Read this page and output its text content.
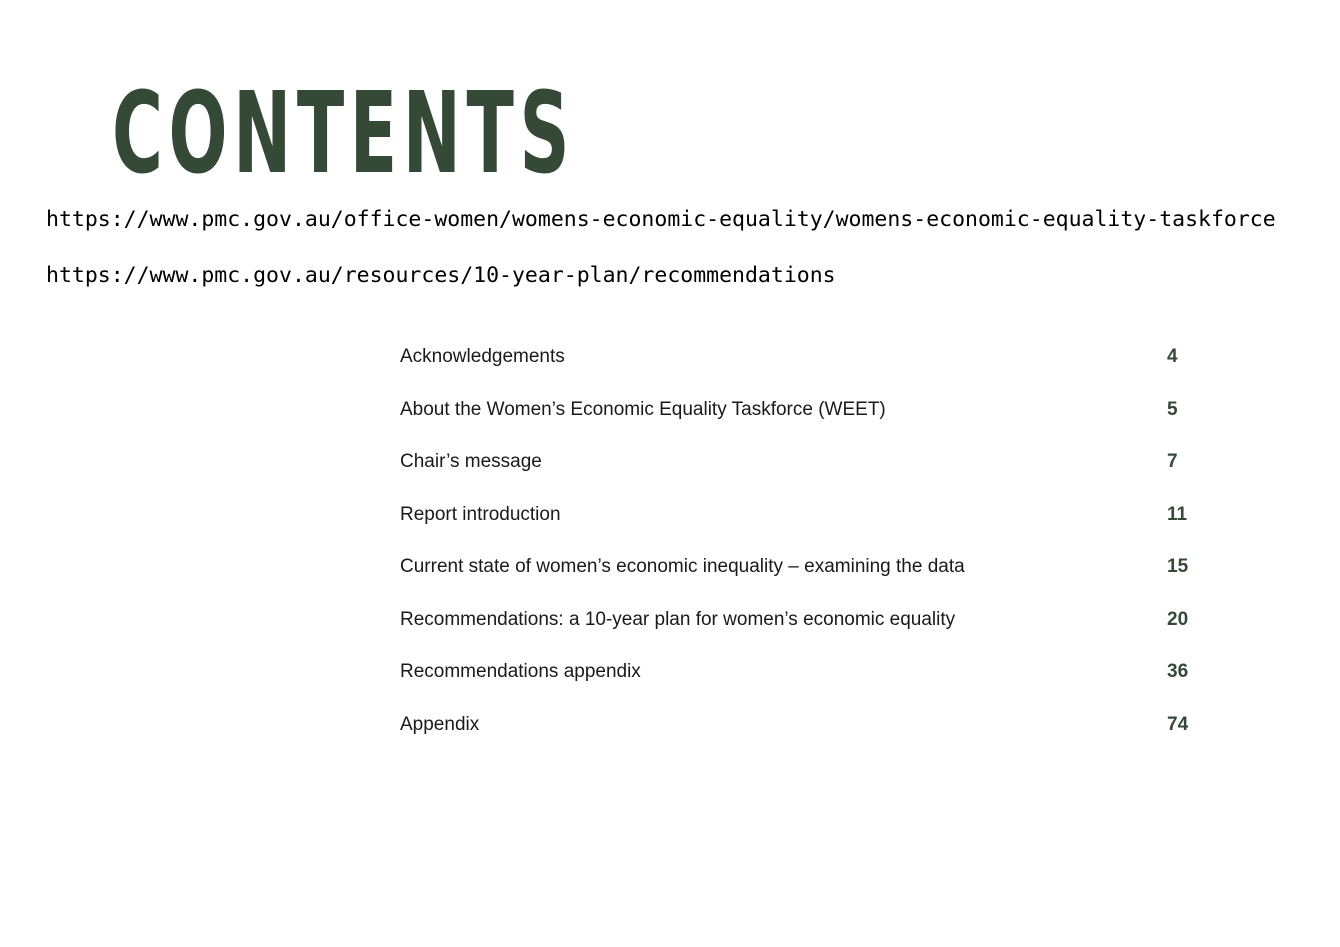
CONTENTS

https://www.pmc.gov.au/office-women/womens-economic-equality/womens-economic-equality-taskforce

https://www.pmc.gov.au/resources/10-year-plan/recommendations

Acknowledgements	4
About the Women’s Economic Equality Taskforce (WEET)	5
Chair’s message	7
Report introduction	11
Current state of women’s economic inequality – examining the data	15
Recommendations: a 10-year plan for women’s economic equality	20
Recommendations appendix	36
Appendix	74
